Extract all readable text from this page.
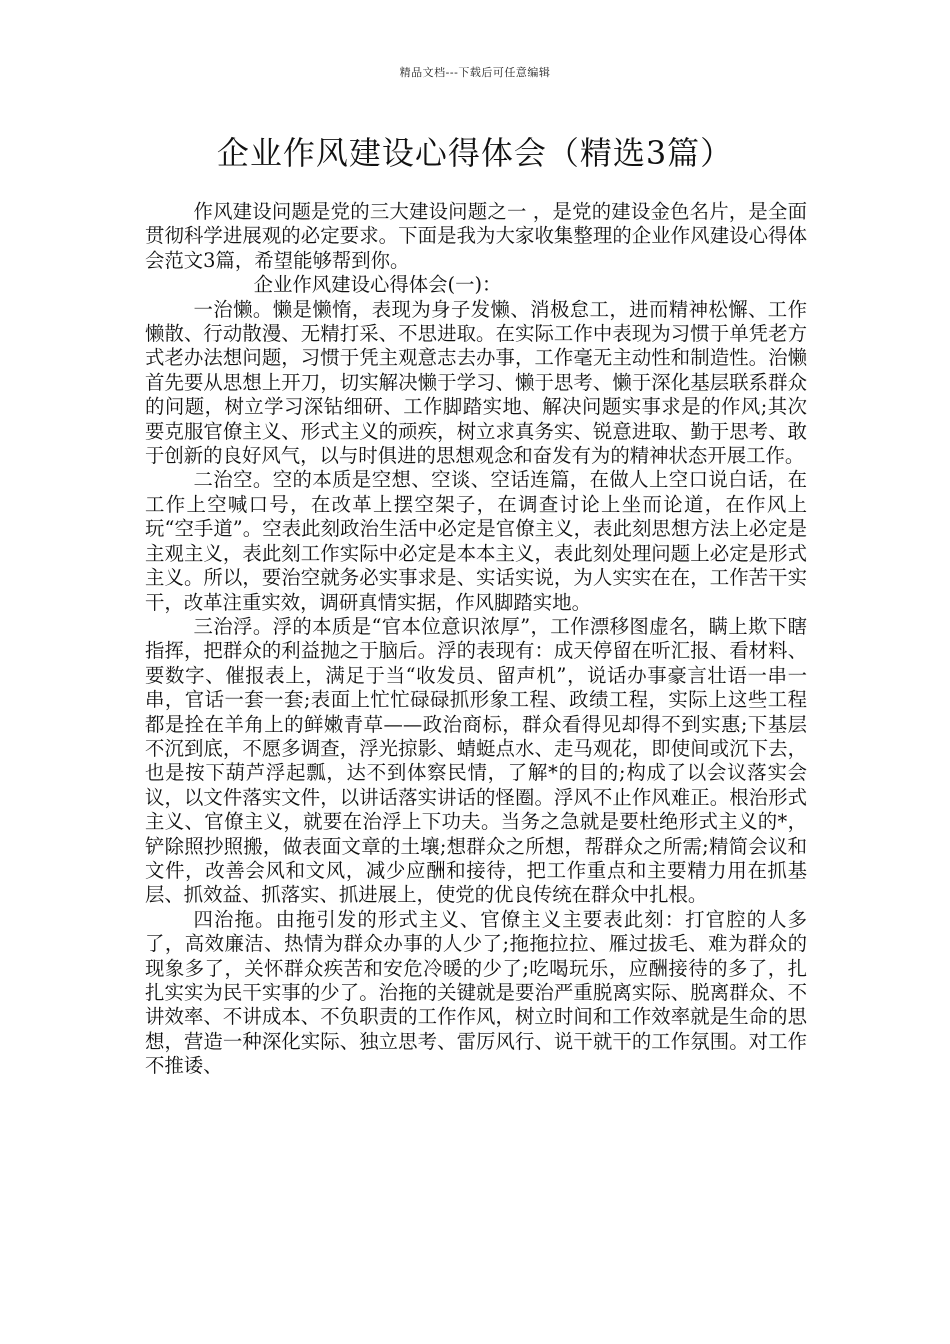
精品文档---下载后可任意编辑
企业作风建设心得体会（精选3篇）

作风建设问题是党的三大建设问题之一 ，是党的建设金色名片，是全面贯彻科学进展观的必定要求。下面是我为大家收集整理的企业作风建设心得体会范文3篇，希望能够帮到你。

企业作风建设心得体会(一)：

一治懒。懒是懒惰，表现为身子发懒、消极怠工，进而精神松懈、工作懒散、行动散漫、无精打采、不思进取。在实际工作中表现为习惯于单凭老方式老办法想问题，习惯于凭主观意志去办事，工作毫无主动性和制造性。治懒首先要从思想上开刀，切实解决懒于学习、懒于思考、懒于深化基层联系群众的问题，树立学习深钻细研、工作脚踏实地、解决问题实事求是的作风;其次要克服官僚主义、形式主义的顽疾，树立求真务实、锐意进取、勤于思考、敢于创新的良好风气，以与时俱进的思想观念和奋发有为的精神状态开展工作。

二治空。空的本质是空想、空谈、空话连篇，在做人上空口说白话，在工作上空喊口号，在改革上摆空架子，在调查讨论上坐而论道，在作风上玩“空手道”。空表此刻政治生活中必定是官僚主义，表此刻思想方法上必定是主观主义，表此刻工作实际中必定是本本主义，表此刻处理问题上必定是形式主义。所以，要治空就务必实事求是、实话实说，为人实实在在，工作苦干实干，改革注重实效，调研真情实据，作风脚踏实地。

三治浮。浮的本质是“官本位意识浓厚”，工作漂移图虚名，瞒上欺下瞎指挥，把群众的利益抛之于脑后。浮的表现有：成天停留在听汇报、看材料、要数字、催报表上，满足于当“收发员、留声机”，说话办事豪言壮语一串一串，官话一套一套;表面上忙忙碌碌抓形象工程、政绩工程，实际上这些工程都是拴在羊角上的鲜嫩青草——政治商标，群众看得见却得不到实惠;下基层不沉到底，不愿多调查，浮光掠影、蜻蜓点水、走马观花，即使间或沉下去，也是按下葫芦浮起瓢，达不到体察民情，了解*的目的;构成了以会议落实会议，以文件落实文件，以讲话落实讲话的怪圈。浮风不止作风难正。根治形式主义、官僚主义，就要在治浮上下功夫。当务之急就是要杜绝形式主义的*，铲除照抄照搬，做表面文章的土壤;想群众之所想，帮群众之所需;精简会议和文件，改善会风和文风，减少应酬和接待，把工作重点和主要精力用在抓基层、抓效益、抓落实、抓进展上，使党的优良传统在群众中扎根。

四治拖。由拖引发的形式主义、官僚主义主要表此刻：打官腔的人多了，高效廉洁、热情为群众办事的人少了;拖拖拉拉、雁过拔毛、难为群众的现象多了，关怀群众疾苦和安危冷暖的少了;吃喝玩乐，应酬接待的多了，扎扎实实为民干实事的少了。治拖的关键就是要治严重脱离实际、脱离群众、不讲效率、不讲成本、不负职责的工作作风，树立时间和工作效率就是生命的思想，营造一种深化实际、独立思考、雷厉风行、说干就干的工作氛围。对工作不推诿、
